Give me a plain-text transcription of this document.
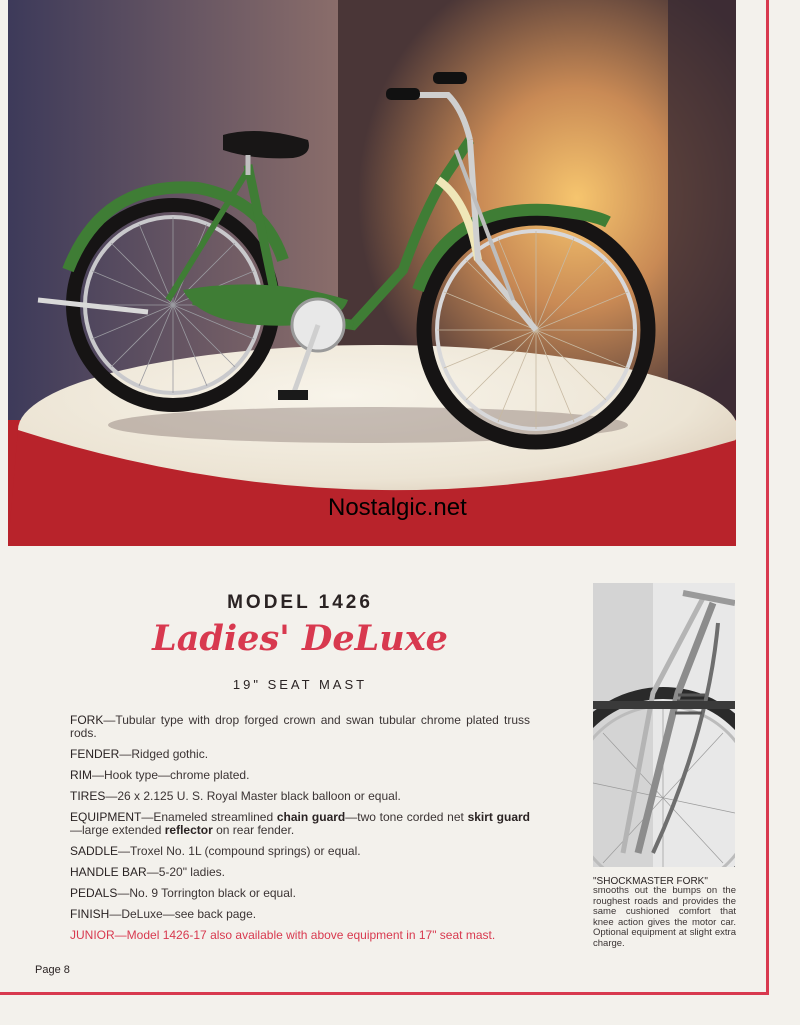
Nostalgic.net
MODEL 1426
Ladies' DeLuxe
19" SEAT MAST
FORK—Tubular type with drop forged crown and swan tubular chrome plated truss rods.
FENDER—Ridged gothic.
RIM—Hook type—chrome plated.
TIRES—26 x 2.125 U. S. Royal Master black balloon or equal.
EQUIPMENT—Enameled streamlined chain guard—two tone corded net skirt guard—large extended reflector on rear fender.
SADDLE—Troxel No. 1L (compound springs) or equal.
HANDLE BAR—5-20" ladies.
PEDALS—No. 9 Torrington black or equal.
FINISH—DeLuxe—see back page.
JUNIOR—Model 1426-17 also available with above equipment in 17" seat mast.
Page 8
"SHOCKMASTER FORK"
smooths out the bumps on the roughest roads and provides the same cushioned comfort that knee action gives the motor car. Optional equipment at slight extra charge.
